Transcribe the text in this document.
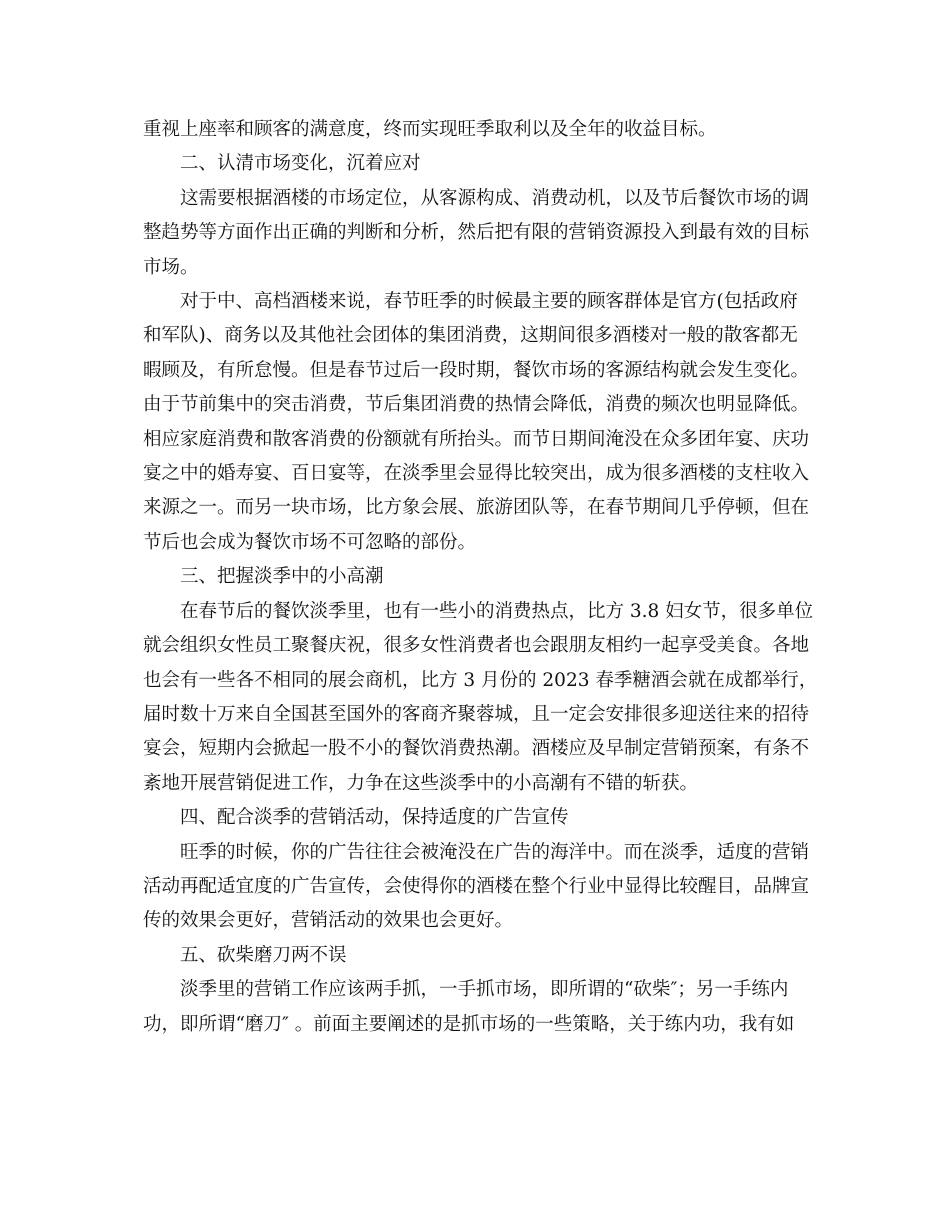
重视上座率和顾客的满意度，终而实现旺季取利以及全年的收益目标。
二、认清市场变化，沉着应对
这需要根据酒楼的市场定位，从客源构成、消费动机，以及节后餐饮市场的调
整趋势等方面作出正确的判断和分析，然后把有限的营销资源投入到最有效的目标
市场。
对于中、高档酒楼来说，春节旺季的时候最主要的顾客群体是官方(包括政府
和军队)、商务以及其他社会团体的集团消费，这期间很多酒楼对一般的散客都无
暇顾及，有所怠慢。但是春节过后一段时期，餐饮市场的客源结构就会发生变化。
由于节前集中的突击消费，节后集团消费的热情会降低，消费的频次也明显降低。
相应家庭消费和散客消费的份额就有所抬头。而节日期间淹没在众多团年宴、庆功
宴之中的婚寿宴、百日宴等，在淡季里会显得比较突出，成为很多酒楼的支柱收入
来源之一。而另一块市场，比方象会展、旅游团队等，在春节期间几乎停顿，但在
节后也会成为餐饮市场不可忽略的部份。
三、把握淡季中的小高潮
在春节后的餐饮淡季里，也有一些小的消费热点，比方 3.8 妇女节，很多单位
就会组织女性员工聚餐庆祝，很多女性消费者也会跟朋友相约一起享受美食。各地
也会有一些各不相同的展会商机，比方 3 月份的 2023 春季糖酒会就在成都举行，
届时数十万来自全国甚至国外的客商齐聚蓉城，且一定会安排很多迎送往来的招待
宴会，短期内会掀起一股不小的餐饮消费热潮。酒楼应及早制定营销预案，有条不
紊地开展营销促进工作，力争在这些淡季中的小高潮有不错的斩获。
四、配合淡季的营销活动，保持适度的广告宣传
旺季的时候，你的广告往往会被淹没在广告的海洋中。而在淡季，适度的营销
活动再配适宜度的广告宣传，会使得你的酒楼在整个行业中显得比较醒目，品牌宣
传的效果会更好，营销活动的效果也会更好。
五、砍柴磨刀两不误
淡季里的营销工作应该两手抓，一手抓市场，即所谓的“砍柴″；另一手练内
功，即所谓“磨刀″ 。前面主要阐述的是抓市场的一些策略，关于练内功，我有如
